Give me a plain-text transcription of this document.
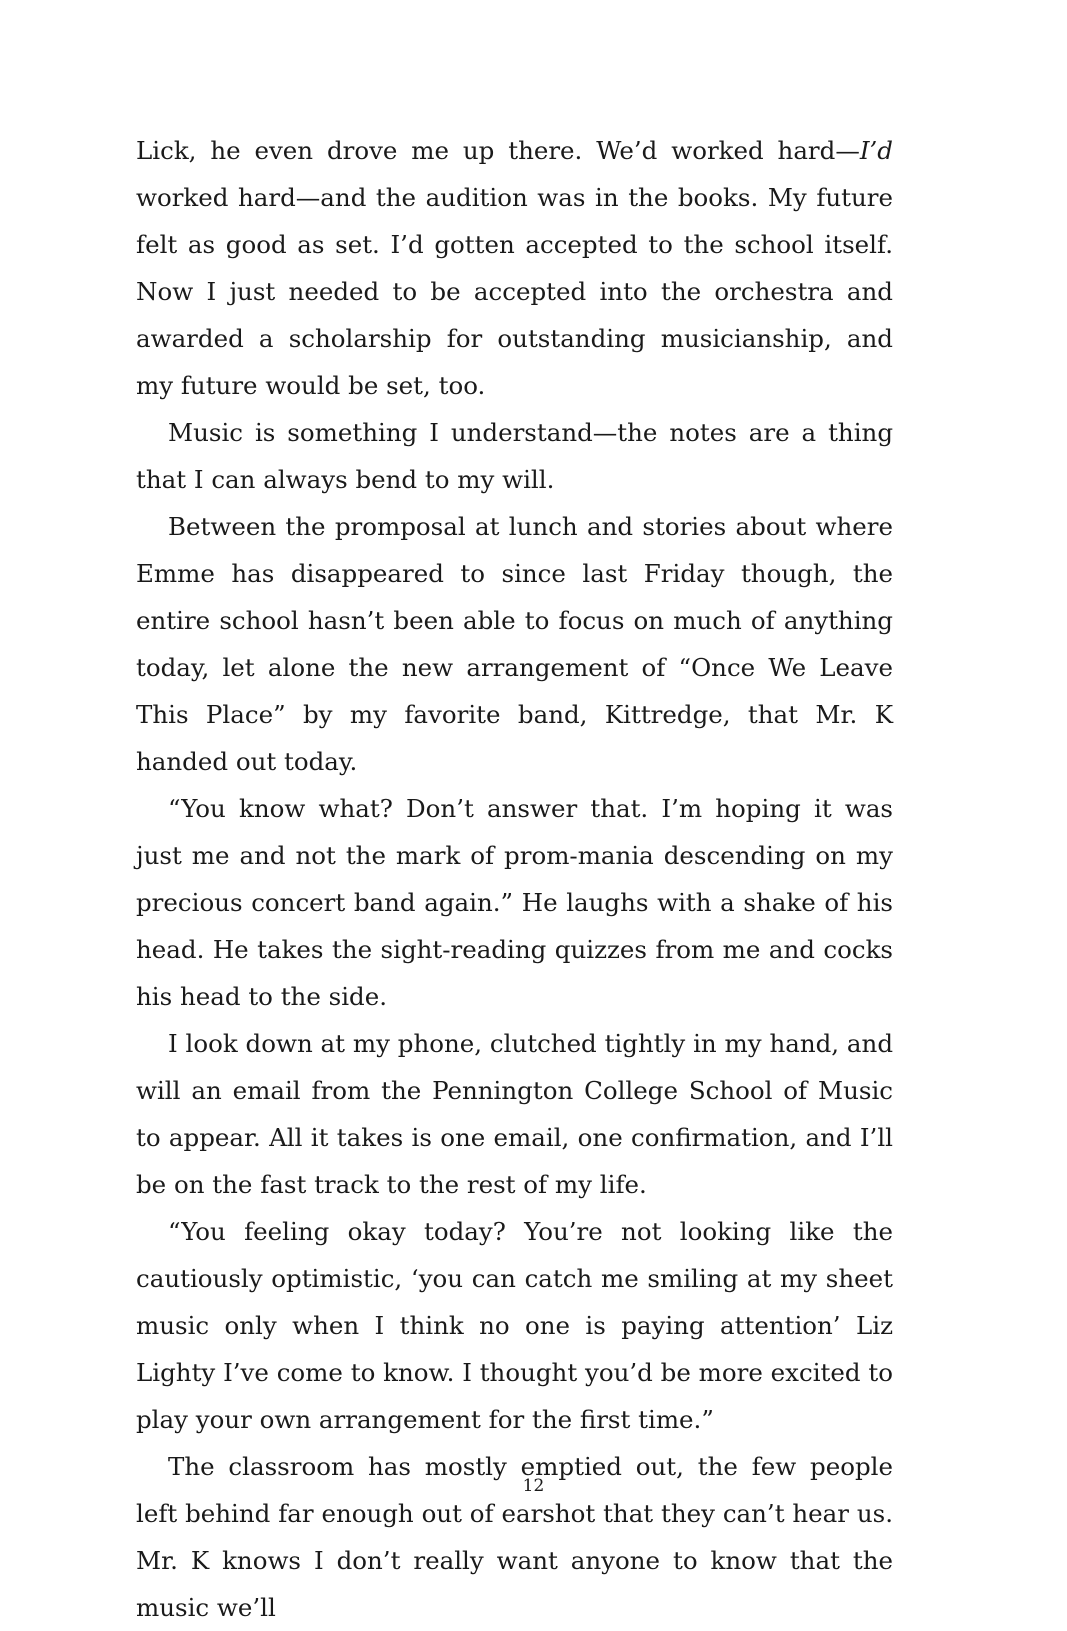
Lick, he even drove me up there. We’d worked hard—I’d worked hard—and the audition was in the books. My future felt as good as set. I’d gotten accepted to the school itself. Now I just needed to be accepted into the orchestra and awarded a scholarship for outstanding musicianship, and my future would be set, too.

Music is something I understand—the notes are a thing that I can always bend to my will.

Between the promposal at lunch and stories about where Emme has disappeared to since last Friday though, the entire school hasn’t been able to focus on much of anything today, let alone the new arrangement of “Once We Leave This Place” by my favorite band, Kittredge, that Mr. K handed out today.

“You know what? Don’t answer that. I’m hoping it was just me and not the mark of prom-mania descending on my precious concert band again.” He laughs with a shake of his head. He takes the sight-reading quizzes from me and cocks his head to the side.

I look down at my phone, clutched tightly in my hand, and will an email from the Pennington College School of Music to appear. All it takes is one email, one confirmation, and I’ll be on the fast track to the rest of my life.

“You feeling okay today? You’re not looking like the cautiously optimistic, ‘you can catch me smiling at my sheet music only when I think no one is paying attention’ Liz Lighty I’ve come to know. I thought you’d be more excited to play your own arrangement for the first time.”

The classroom has mostly emptied out, the few people left behind far enough out of earshot that they can’t hear us. Mr. K knows I don’t really want anyone to know that the music we’ll

12
